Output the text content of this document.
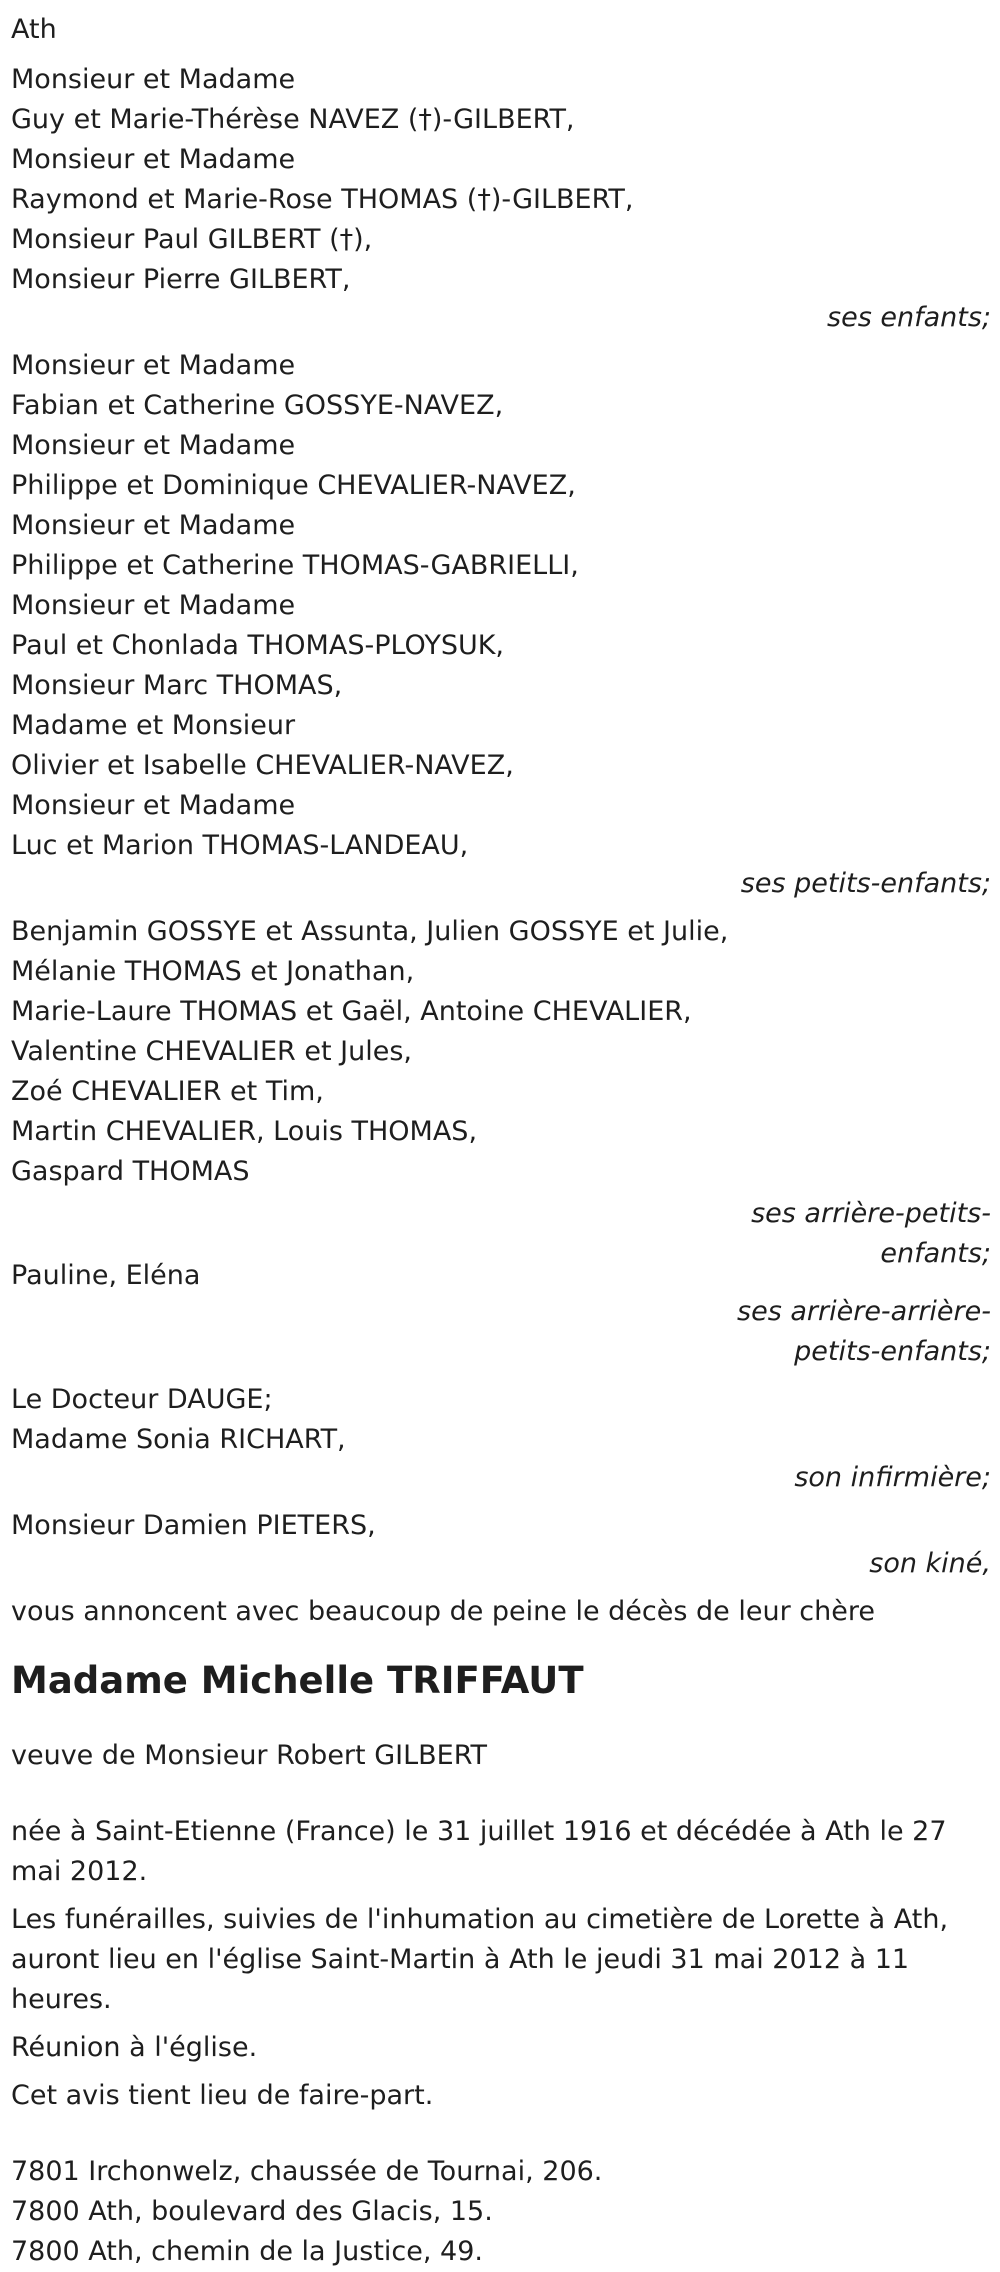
Ath
Monsieur et Madame
Guy et Marie-Thérèse NAVEZ (†)-GILBERT,
Monsieur et Madame
Raymond et Marie-Rose THOMAS (†)-GILBERT,
Monsieur Paul GILBERT (†),
Monsieur Pierre GILBERT,
ses enfants;
Monsieur et Madame
Fabian et Catherine GOSSYE-NAVEZ,
Monsieur et Madame
Philippe et Dominique CHEVALIER-NAVEZ,
Monsieur et Madame
Philippe et Catherine THOMAS-GABRIELLI,
Monsieur et Madame
Paul et Chonlada THOMAS-PLOYSUK,
Monsieur Marc THOMAS,
Madame et Monsieur
Olivier et Isabelle CHEVALIER-NAVEZ,
Monsieur et Madame
Luc et Marion THOMAS-LANDEAU,
ses petits-enfants;
Benjamin GOSSYE et Assunta, Julien GOSSYE et Julie,
Mélanie THOMAS et Jonathan,
Marie-Laure THOMAS et Gaël, Antoine CHEVALIER,
Valentine CHEVALIER et Jules,
Zoé CHEVALIER et Tim,
Martin CHEVALIER, Louis THOMAS,
Gaspard THOMAS
ses arrière-petits-
enfants;
Pauline, Eléna
ses arrière-arrière-
petits-enfants;
Le Docteur DAUGE;
Madame Sonia RICHART,
son infirmière;
Monsieur Damien PIETERS,
son kiné,
vous annoncent avec beaucoup de peine le décès de leur chère
Madame Michelle TRIFFAUT
veuve de Monsieur Robert GILBERT
née à Saint-Etienne (France) le 31 juillet 1916 et décédée à Ath le 27 mai 2012.
Les funérailles, suivies de l'inhumation au cimetière de Lorette à Ath, auront lieu en l'église Saint-Martin à Ath le jeudi 31 mai 2012 à 11 heures.
Réunion à l'église.
Cet avis tient lieu de faire-part.
7801 Irchonwelz, chaussée de Tournai, 206.
7800 Ath, boulevard des Glacis, 15.
7800 Ath, chemin de la Justice, 49.
